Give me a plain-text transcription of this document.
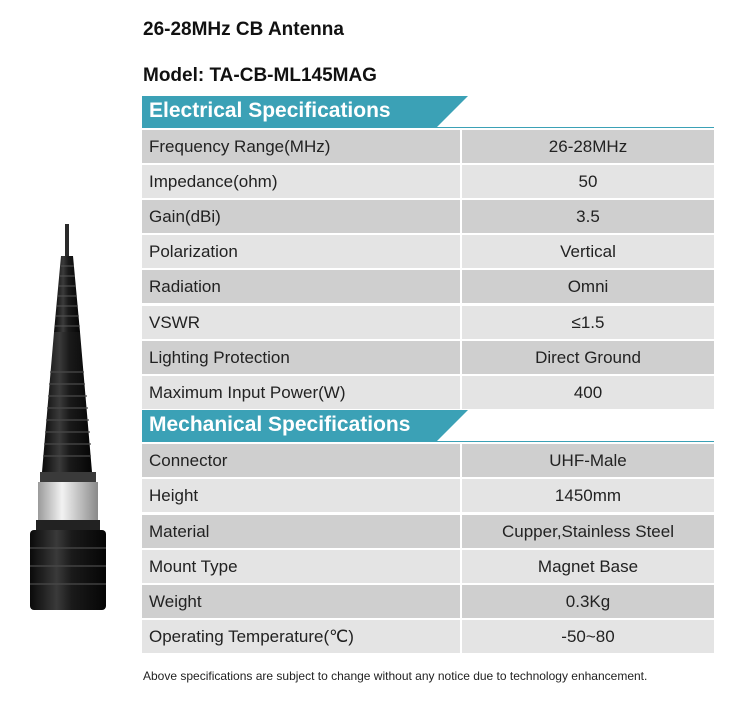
26-28MHz CB Antenna
Model: TA-CB-ML145MAG
Electrical Specifications
Frequency Range(MHz)	26-28MHz
Impedance(ohm)	50
Gain(dBi)	3.5
Polarization	Vertical
Radiation	Omni
VSWR	≤1.5
Lighting Protection	Direct Ground
Maximum Input Power(W)	400
Mechanical Specifications
Connector	UHF-Male
Height	1450mm
Material	Cupper,Stainless Steel
Mount Type	Magnet Base
Weight	0.3Kg
Operating Temperature(℃)	-50~80
Above specifications are subject to change without any notice due to technology enhancement.
